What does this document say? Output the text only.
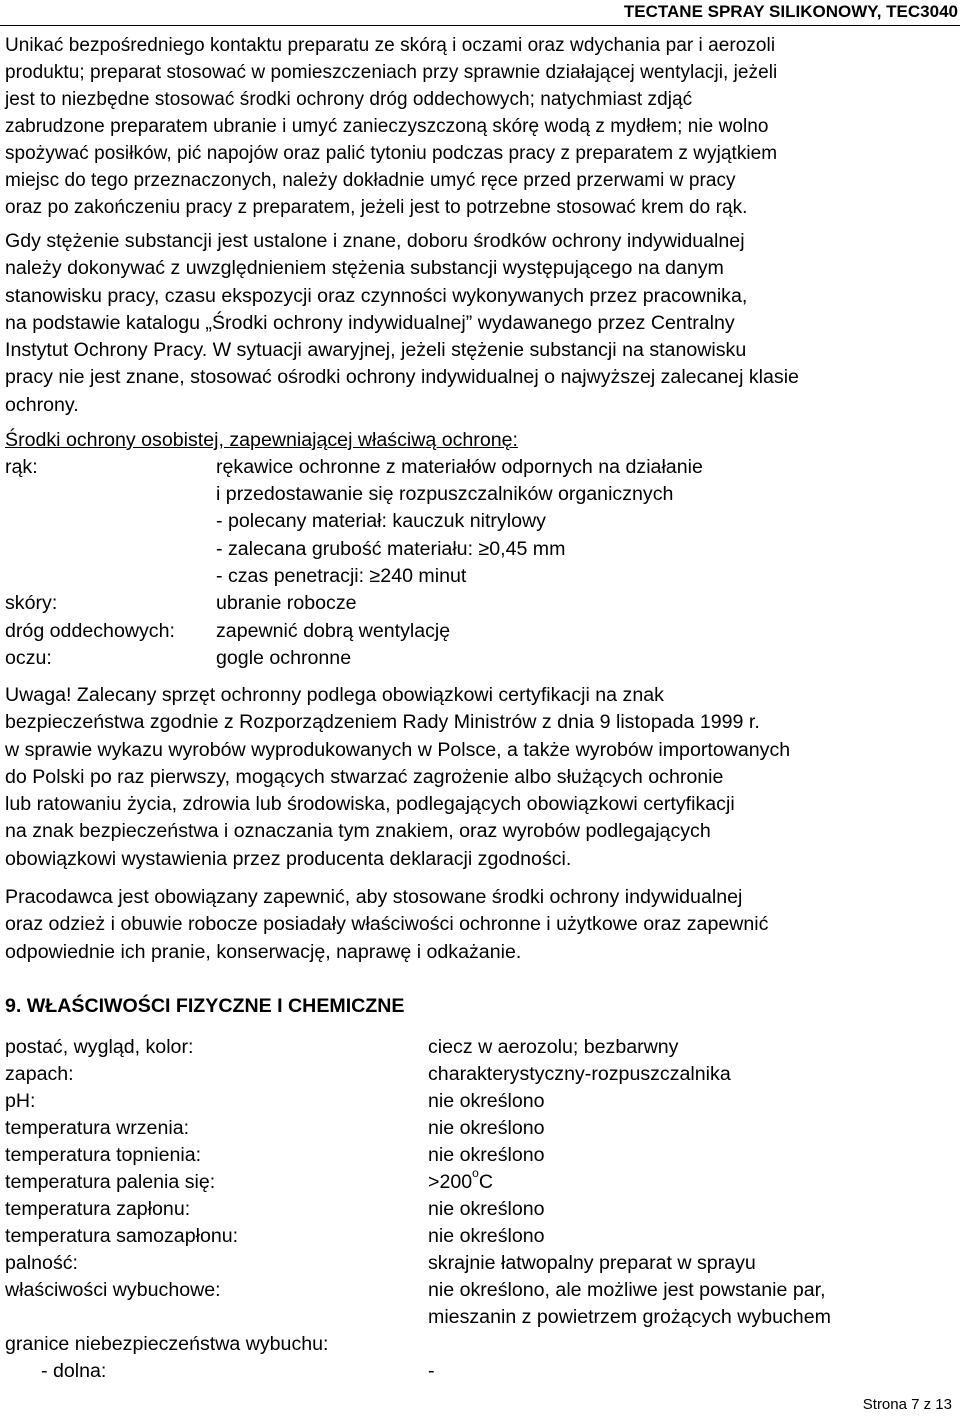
TECTANE SPRAY SILIKONOWY, TEC3040
Unikać bezpośredniego kontaktu preparatu ze skórą i oczami oraz wdychania par i aerozoli
produktu; preparat stosować w pomieszczeniach przy sprawnie działającej wentylacji, jeżeli
jest to niezbędne stosować środki ochrony dróg oddechowych; natychmiast zdjąć
zabrudzone preparatem ubranie i umyć zanieczyszczoną skórę wodą z mydłem; nie wolno
spożywać posiłków, pić napojów oraz palić tytoniu podczas pracy z preparatem z wyjątkiem
miejsc do tego przeznaczonych, należy dokładnie umyć ręce przed przerwami w pracy
oraz po zakończeniu pracy z preparatem, jeżeli jest to potrzebne stosować krem do rąk.
Gdy stężenie substancji jest ustalone i znane, doboru środków ochrony indywidualnej
należy dokonywać z uwzględnieniem stężenia substancji występującego na danym
stanowisku pracy, czasu ekspozycji oraz czynności wykonywanych przez pracownika,
na podstawie katalogu „Środki ochrony indywidualnej” wydawanego przez Centralny
Instytut Ochrony Pracy. W sytuacji awaryjnej, jeżeli stężenie substancji na stanowisku
pracy nie jest znane, stosować ośrodki ochrony indywidualnej o najwyższej zalecanej klasie
ochrony.
Środki ochrony osobistej, zapewniającej właściwą ochronę:
rąk:	rękawice ochronne z materiałów odpornych na działanie
i przedostawanie się rozpuszczalników organicznych
- polecany materiał: kauczuk nitrylowy
- zalecana grubość materiału: ≥0,45 mm
- czas penetracji: ≥240 minut
skóry:	ubranie robocze
dróg oddechowych: zapewnić dobrą wentylację
oczu:	gogle ochronne
Uwaga! Zalecany sprzęt ochronny podlega obowiązkowi certyfikacji na znak
bezpieczeństwa zgodnie z Rozporządzeniem Rady Ministrów z dnia 9 listopada 1999 r.
w sprawie wykazu wyrobów wyprodukowanych w Polsce, a także wyrobów importowanych
do Polski po raz pierwszy, mogących stwarzać zagrożenie albo służących ochronie
lub ratowaniu życia, zdrowia lub środowiska, podlegających obowiązkowi certyfikacji
na znak bezpieczeństwa i oznaczania tym znakiem, oraz wyrobów podlegających
obowiązkowi wystawienia przez producenta deklaracji zgodności.
Pracodawca jest obowiązany zapewnić, aby stosowane środki ochrony indywidualnej
oraz odzież i obuwie robocze posiadały właściwości ochronne i użytkowe oraz zapewnić
odpowiednie ich pranie, konserwację, naprawę i odkażanie.
9. WŁAŚCIWOŚCI FIZYCZNE I CHEMICZNE
postać, wygląd, kolor:	ciecz w aerozolu; bezbarwny
zapach:	charakterystyczny-rozpuszczalnika
pH:	nie określono
temperatura wrzenia:	nie określono
temperatura topnienia:	nie określono
temperatura palenia się:	$>200^oC$
temperatura zapłonu:	nie określono
temperatura samozapłonu:	nie określono
palność:	skrajnie łatwopalny preparat w sprayu
właściwości wybuchowe:	nie określono, ale możliwe jest powstanie par,
mieszanin z powietrzem grożących wybuchem
granice niebezpieczeństwa wybuchu:
- dolna:	-
Strona 7 z 13
